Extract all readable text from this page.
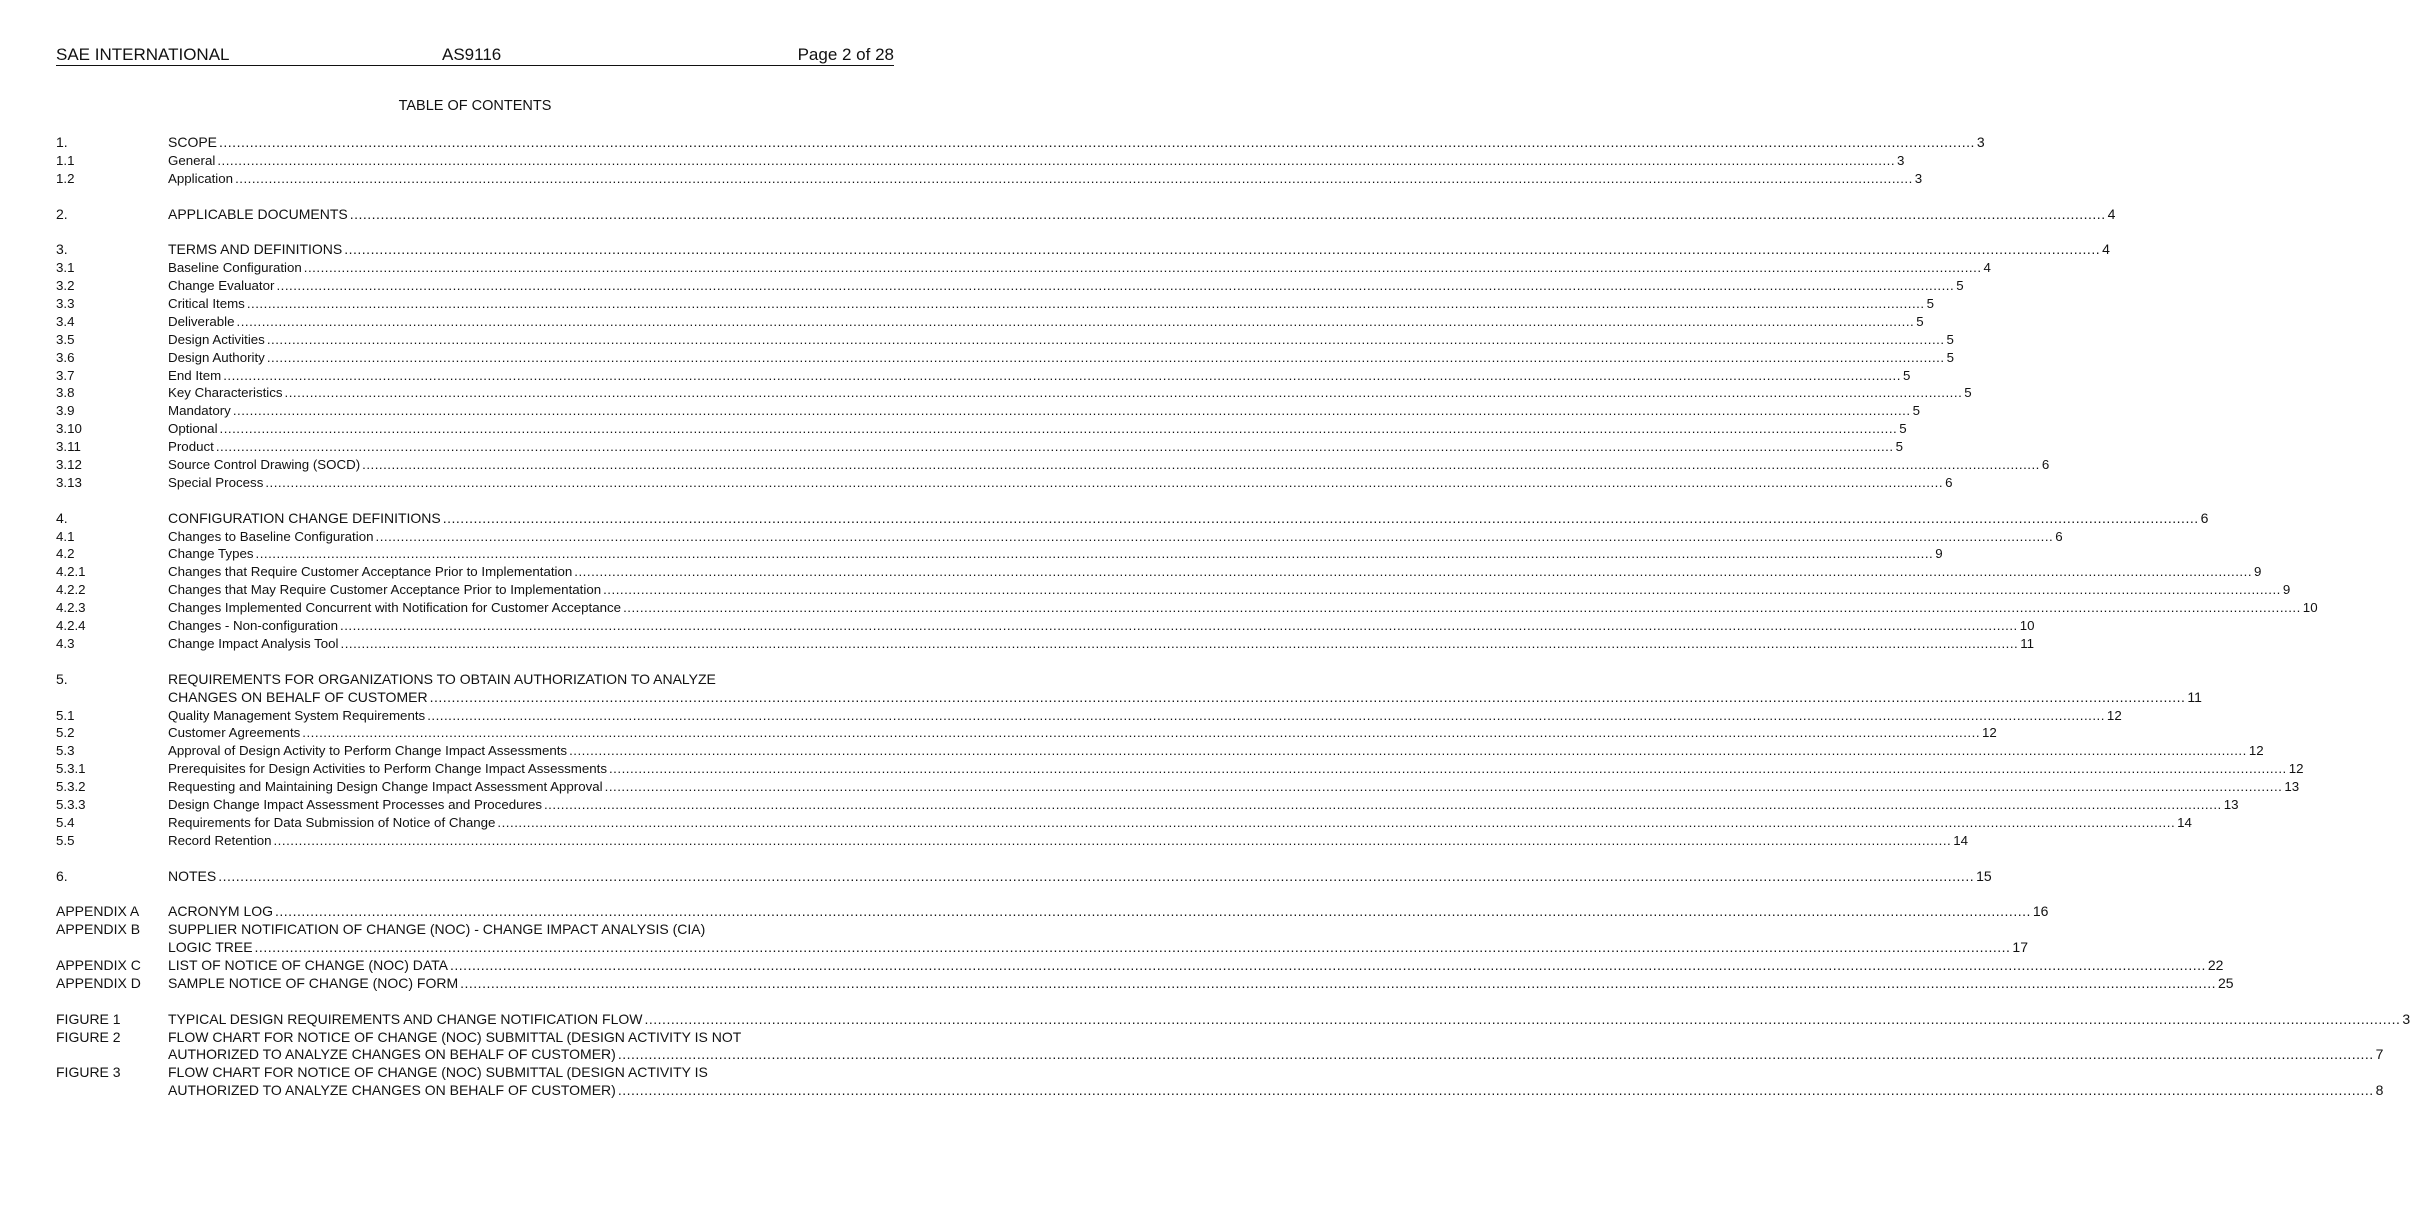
SAE INTERNATIONAL	AS9116	Page 2 of 28
TABLE OF CONTENTS
1.	SCOPE ................................................................................................................................................................................................................................................................................................................................................................................................................ 3
1.1	General ................................................................................................................................................................................................................................................................................................................................................................................................................ 3
1.2	Application ................................................................................................................................................................................................................................................................................................................................................................................................................ 3
2.	APPLICABLE DOCUMENTS ................................................................................................................................................................................................................................................................................................................................................................................................................ 4
3.	TERMS AND DEFINITIONS ................................................................................................................................................................................................................................................................................................................................................................................................................ 4
3.1	Baseline Configuration ................................................................................................................................................................................................................................................................................................................................................................................................................ 4
3.2	Change Evaluator ................................................................................................................................................................................................................................................................................................................................................................................................................ 5
3.3	Critical Items ................................................................................................................................................................................................................................................................................................................................................................................................................ 5
3.4	Deliverable ................................................................................................................................................................................................................................................................................................................................................................................................................ 5
3.5	Design Activities ................................................................................................................................................................................................................................................................................................................................................................................................................ 5
3.6	Design Authority ................................................................................................................................................................................................................................................................................................................................................................................................................ 5
3.7	End Item ................................................................................................................................................................................................................................................................................................................................................................................................................ 5
3.8	Key Characteristics ................................................................................................................................................................................................................................................................................................................................................................................................................ 5
3.9	Mandatory ................................................................................................................................................................................................................................................................................................................................................................................................................ 5
3.10	Optional ................................................................................................................................................................................................................................................................................................................................................................................................................ 5
3.11	Product ................................................................................................................................................................................................................................................................................................................................................................................................................ 5
3.12	Source Control Drawing (SOCD) ................................................................................................................................................................................................................................................................................................................................................................................................................ 6
3.13	Special Process ................................................................................................................................................................................................................................................................................................................................................................................................................ 6
4.	CONFIGURATION CHANGE DEFINITIONS ................................................................................................................................................................................................................................................................................................................................................................................................................ 6
4.1	Changes to Baseline Configuration ................................................................................................................................................................................................................................................................................................................................................................................................................ 6
4.2	Change Types ................................................................................................................................................................................................................................................................................................................................................................................................................ 9
4.2.1	Changes that Require Customer Acceptance Prior to Implementation ................................................................................................................................................................................................................................................................................................................................................................................................................ 9
4.2.2	Changes that May Require Customer Acceptance Prior to Implementation ................................................................................................................................................................................................................................................................................................................................................................................................................ 9
4.2.3	Changes Implemented Concurrent with Notification for Customer Acceptance ................................................................................................................................................................................................................................................................................................................................................................................................................ 10
4.2.4	Changes - Non-configuration ................................................................................................................................................................................................................................................................................................................................................................................................................ 10
4.3	Change Impact Analysis Tool ................................................................................................................................................................................................................................................................................................................................................................................................................ 11
5.	REQUIREMENTS FOR ORGANIZATIONS TO OBTAIN AUTHORIZATION TO ANALYZE
CHANGES ON BEHALF OF CUSTOMER ................................................................................................................................................................................................................................................................................................................................................................................................................ 11
5.1	Quality Management System Requirements ................................................................................................................................................................................................................................................................................................................................................................................................................ 12
5.2	Customer Agreements ................................................................................................................................................................................................................................................................................................................................................................................................................ 12
5.3	Approval of Design Activity to Perform Change Impact Assessments ................................................................................................................................................................................................................................................................................................................................................................................................................ 12
5.3.1	Prerequisites for Design Activities to Perform Change Impact Assessments ................................................................................................................................................................................................................................................................................................................................................................................................................ 12
5.3.2	Requesting and Maintaining Design Change Impact Assessment Approval ................................................................................................................................................................................................................................................................................................................................................................................................................ 13
5.3.3	Design Change Impact Assessment Processes and Procedures ................................................................................................................................................................................................................................................................................................................................................................................................................ 13
5.4	Requirements for Data Submission of Notice of Change ................................................................................................................................................................................................................................................................................................................................................................................................................ 14
5.5	Record Retention ................................................................................................................................................................................................................................................................................................................................................................................................................ 14
6.	NOTES ................................................................................................................................................................................................................................................................................................................................................................................................................ 15
APPENDIX A ACRONYM LOG ................................................................................................................................................................................................................................................................................................................................................................................................................ 16
APPENDIX B SUPPLIER NOTIFICATION OF CHANGE (NOC) - CHANGE IMPACT ANALYSIS (CIA)
LOGIC TREE ................................................................................................................................................................................................................................................................................................................................................................................................................ 17
APPENDIX C LIST OF NOTICE OF CHANGE (NOC) DATA ................................................................................................................................................................................................................................................................................................................................................................................................................ 22
APPENDIX D SAMPLE NOTICE OF CHANGE (NOC) FORM ................................................................................................................................................................................................................................................................................................................................................................................................................ 25
FIGURE 1	TYPICAL DESIGN REQUIREMENTS AND CHANGE NOTIFICATION FLOW ................................................................................................................................................................................................................................................................................................................................................................................................................ 3
FIGURE 2	FLOW CHART FOR NOTICE OF CHANGE (NOC) SUBMITTAL (DESIGN ACTIVITY IS NOT
AUTHORIZED TO ANALYZE CHANGES ON BEHALF OF CUSTOMER) ................................................................................................................................................................................................................................................................................................................................................................................................................ 7
FIGURE 3	FLOW CHART FOR NOTICE OF CHANGE (NOC) SUBMITTAL (DESIGN ACTIVITY IS
AUTHORIZED TO ANALYZE CHANGES ON BEHALF OF CUSTOMER) ................................................................................................................................................................................................................................................................................................................................................................................................................ 8
